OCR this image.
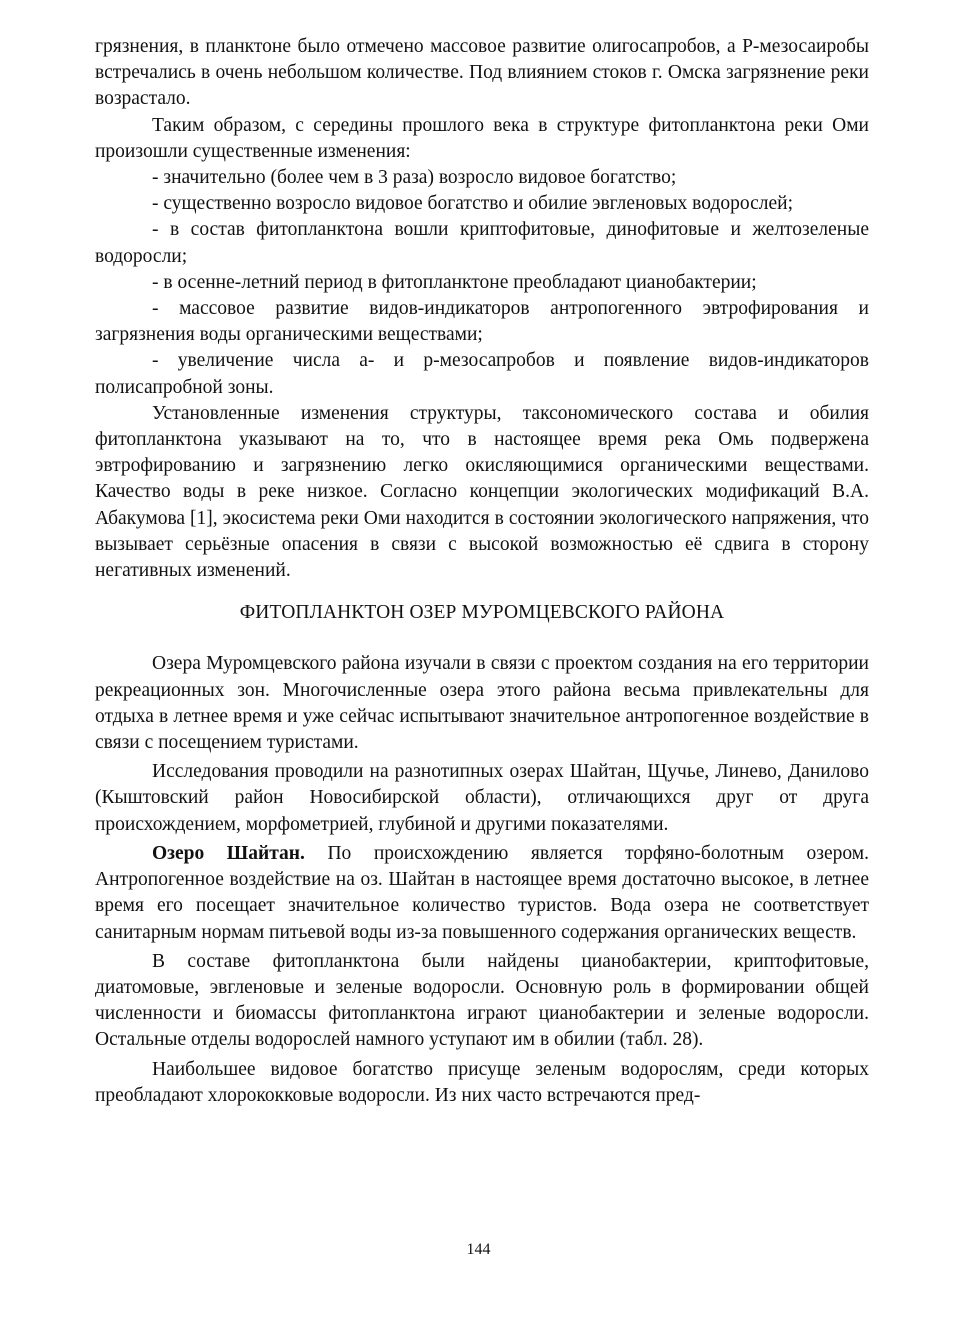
грязнения, в планктоне было отмечено массовое развитие олигосапробов, а Р-мезосаиробы встречались в очень небольшом количестве. Под влиянием стоков г. Омска загрязнение реки возрастало.

Таким образом, с середины прошлого века в структуре фитопланктона реки Оми произошли существенные изменения:

- значительно (более чем в 3 раза) возросло видовое богатство;

- существенно возросло видовое богатство и обилие эвгленовых водорослей;

- в состав фитопланктона вошли криптофитовые, динофитовые и желтозеленые водоросли;

- в осенне-летний период в фитопланктоне преобладают цианобактерии;

- массовое развитие видов-индикаторов антропогенного эвтрофирования и загрязнения воды органическими веществами;

- увеличение числа а- и р-мезосапробов и появление видов-индикаторов полисапробной зоны.

Установленные изменения структуры, таксономического состава и обилия фитопланктона указывают на то, что в настоящее время река Омь подвержена эвтрофированию и загрязнению легко окисляющимися органическими веществами. Качество воды в реке низкое. Согласно концепции экологических модификаций В.А. Абакумова [1], экосистема реки Оми находится в состоянии экологического напряжения, что вызывает серьёзные опасения в связи с высокой возможностью её сдвига в сторону негативных изменений.

ФИТОПЛАНКТОН ОЗЕР МУРОМЦЕВСКОГО РАЙОНА

Озера Муромцевского района изучали в связи с проектом создания на его территории рекреационных зон. Многочисленные озера этого района весьма привлекательны для отдыха в летнее время и уже сейчас испытывают значительное антропогенное воздействие в связи с посещением туристами.

Исследования проводили на разнотипных озерах Шайтан, Щучье, Линево, Данилово (Кыштовский район Новосибирской области), отличающихся друг от друга происхождением, морфометрией, глубиной и другими показателями.

Озеро Шайтан. По происхождению является торфяно-болотным озером. Антропогенное воздействие на оз. Шайтан в настоящее время достаточно высокое, в летнее время его посещает значительное количество туристов. Вода озера не соответствует санитарным нормам питьевой воды из-за повышенного содержания органических веществ.

В составе фитопланктона были найдены цианобактерии, криптофитовые, диатомовые, эвгленовые и зеленые водоросли. Основную роль в формировании общей численности и биомассы фитопланктона играют цианобактерии и зеленые водоросли. Остальные отделы водорослей намного уступают им в обилии (табл. 28).

Наибольшее видовое богатство присуще зеленым водорослям, среди которых преобладают хлорококковые водоросли. Из них часто встречаются пред-

144
